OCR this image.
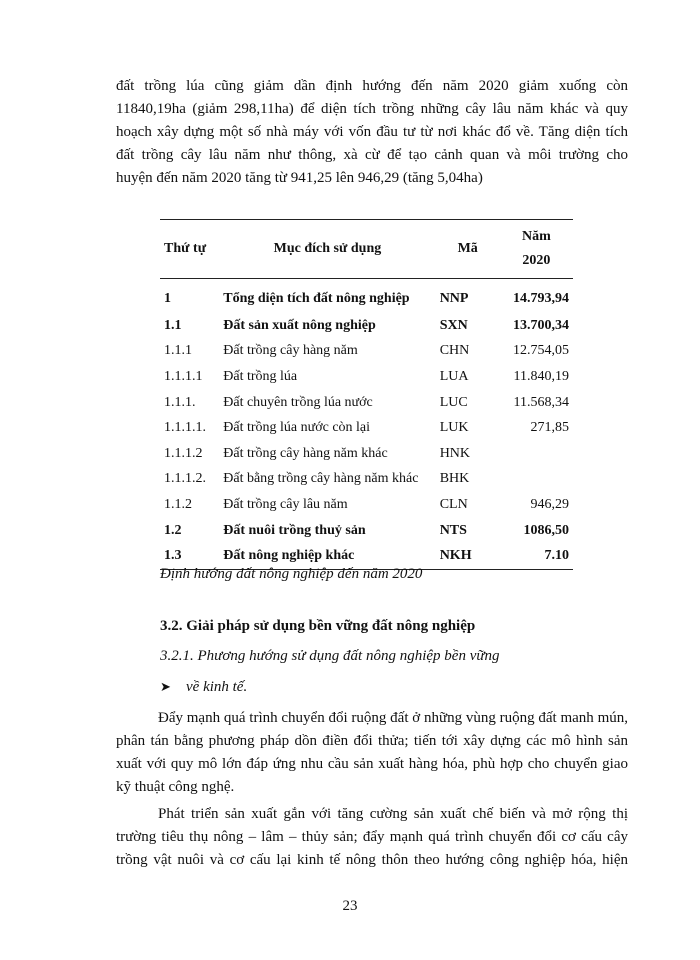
đất trồng lúa cũng giảm dần định hướng đến năm 2020 giảm xuống còn

11840,19ha (giảm 298,11ha) để diện tích trồng những cây lâu năm khác và quy

hoạch xây dựng một số nhà máy với vốn đầu tư từ nơi khác đổ về. Tăng diện tích

đất trồng cây lâu năm như thông, xà cừ để tạo cảnh quan và môi trường cho

huyện đến năm 2020 tăng từ 941,25 lên 946,29 (tăng 5,04ha)

Thứ tự	Mục đích sử dụng	Mã	Năm
2020
1	Tổng diện tích đất nông nghiệp	NNP	14.793,94
1.1	Đất sản xuất nông nghiệp	SXN	13.700,34
1.1.1	Đất trồng cây hàng năm	CHN	12.754,05
1.1.1.1	Đất trồng lúa	LUA	11.840,19
1.1.1.	Đất chuyên trồng lúa nước	LUC	11.568,34
1.1.1.1.	Đất trồng lúa nước còn lại	LUK	271,85
1.1.1.2	Đất trồng cây hàng năm khác	HNK	
1.1.1.2.	Đất bằng trồng cây hàng năm khác	BHK	
1.1.2	Đất trồng cây lâu năm	CLN	946,29
1.2	Đất nuôi trồng thuỷ sản	NTS	1086,50
1.3	Đất nông nghiệp khác	NKH	7.10
Định hướng đất nông nghiệp đến năm 2020
3.2. Giải pháp sử dụng bền vững đất nông nghiệp
3.2.1. Phương hướng sử dụng đất nông nghiệp bền vững
➤ về kinh tế.

Đẩy mạnh quá trình chuyển đổi ruộng đất ở những vùng ruộng đất manh mún, phân tán bằng phương pháp dồn điền đổi thửa; tiến tới xây dựng các mô hình sản xuất với quy mô lớn đáp ứng nhu cầu sản xuất hàng hóa, phù hợp cho chuyển giao kỹ thuật công nghệ.

Phát triển sản xuất gắn với tăng cường sản xuất chế biến và mở rộng thị trường tiêu thụ nông – lâm – thủy sản; đẩy mạnh quá trình chuyển đổi cơ cấu cây trồng vật nuôi và cơ cấu lại kinh tế nông thôn theo hướng công nghiệp hóa, hiện

23
